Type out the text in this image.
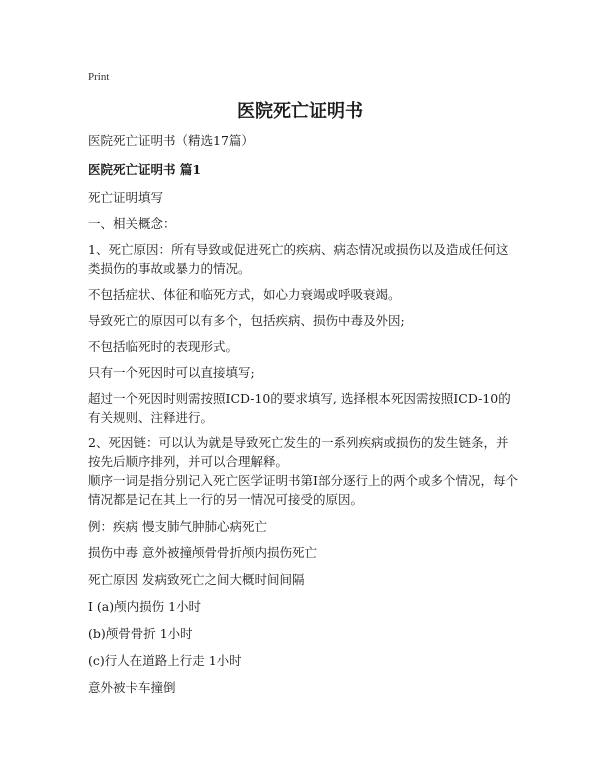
Print
医院死亡证明书

医院死亡证明书（精选17篇）

医院死亡证明书 篇1

死亡证明填写

一、相关概念：

1、死亡原因：所有导致或促进死亡的疾病、病态情况或损伤以及造成任何这类损伤的事故或暴力的情况。

不包括症状、体征和临死方式，如心力衰竭或呼吸衰竭。

导致死亡的原因可以有多个，包括疾病、损伤中毒及外因;

不包括临死时的表现形式。

只有一个死因时可以直接填写;

超过一个死因时则需按照ICD-10的要求填写, 选择根本死因需按照ICD-10的有关规则、注释进行。

2、死因链：可以认为就是导致死亡发生的一系列疾病或损伤的发生链条，并按先后顺序排列，并可以合理解释。

顺序一词是指分别记入死亡医学证明书第I部分逐行上的两个或多个情况，每个情况都是记在其上一行的另一情况可接受的原因。

例：疾病 慢支肺气肿肺心病死亡

损伤中毒 意外被撞颅骨骨折颅内损伤死亡

死亡原因 发病致死亡之间大概时间间隔

I (a)颅内损伤 1小时

(b)颅骨骨折 1小时

(c)行人在道路上行走 1小时

意外被卡车撞倒
